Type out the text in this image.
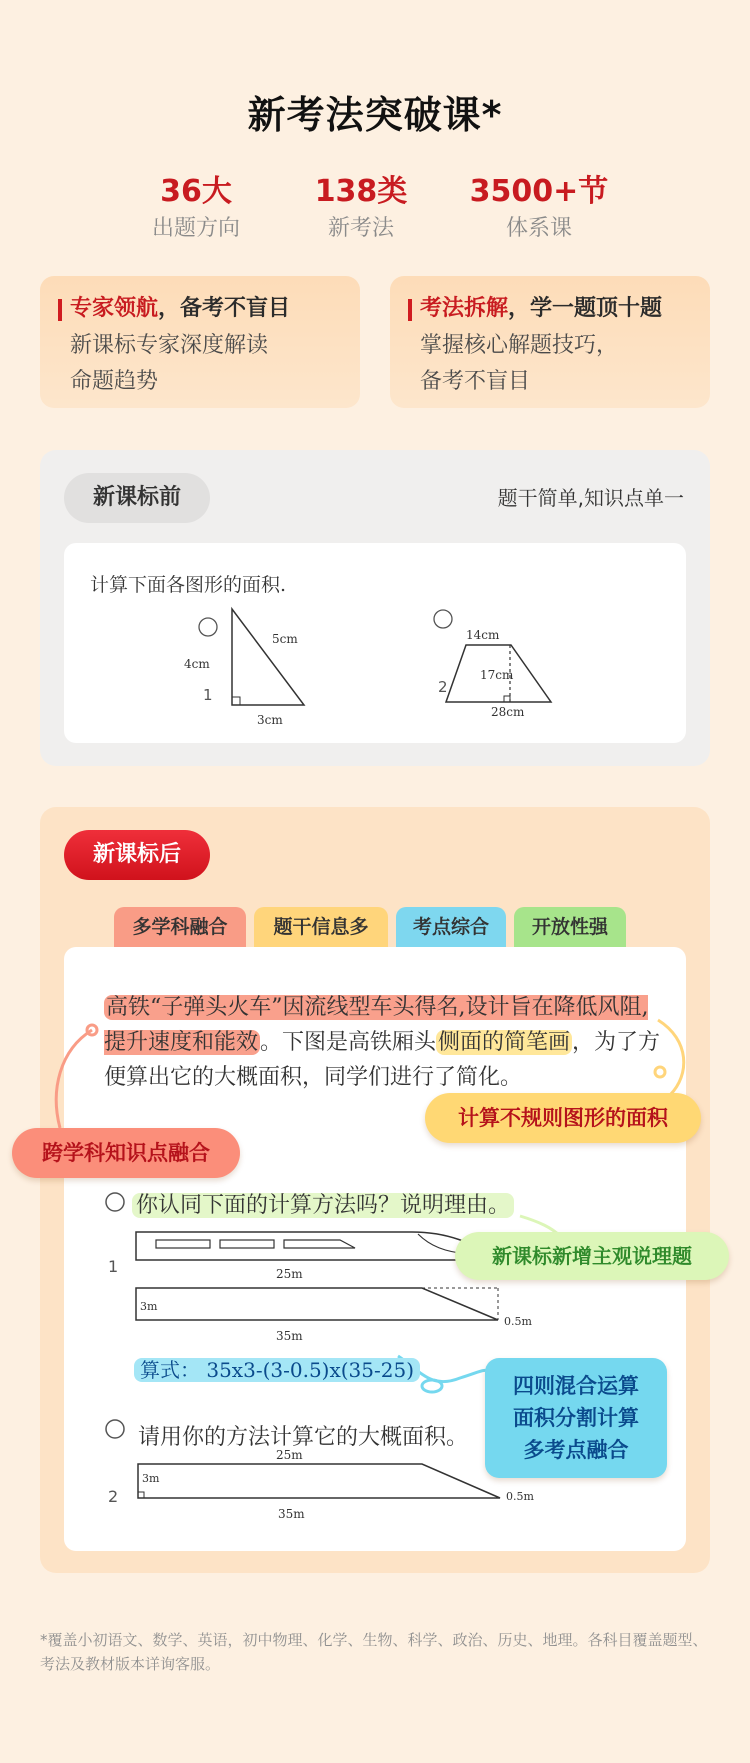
新考法突破课*
36大
出题方向
138类
新考法
3500+节
体系课
专家领航，备考不盲目
新课标专家深度解读
命题趋势
考法拆解，学一题顶十题
掌握核心解题技巧，
备考不盲目
新课标前	题干简单,知识点单一
计算下面各图形的面积.
4cm
5cm
3cm
1
14cm
17cm
28cm
2
新课标后
多学科融合	题干信息多	考点综合	开放性强
高铁“子弹头火车”因流线型车头得名,设计旨在降低风阻,提升速度和能效。下图是高铁厢头侧面的简笔画，为了方便算出它的大概面积，同学们进行了简化。
你认同下面的计算方法吗？说明理由。
1	25m
3m
0.5m
35m
算式： 35x3-(3-0.5)x(35-25)
请用你的方法计算它的大概面积。
25m
3m
0.5m
2
35m
跨学科知识点融合
计算不规则图形的面积
新课标新增主观说理题
四则混合运算
面积分割计算
多考点融合
*覆盖小初语文、数学、英语，初中物理、化学、生物、科学、政治、历史、地理。各科目覆盖题型、考法及教材版本详询客服。
